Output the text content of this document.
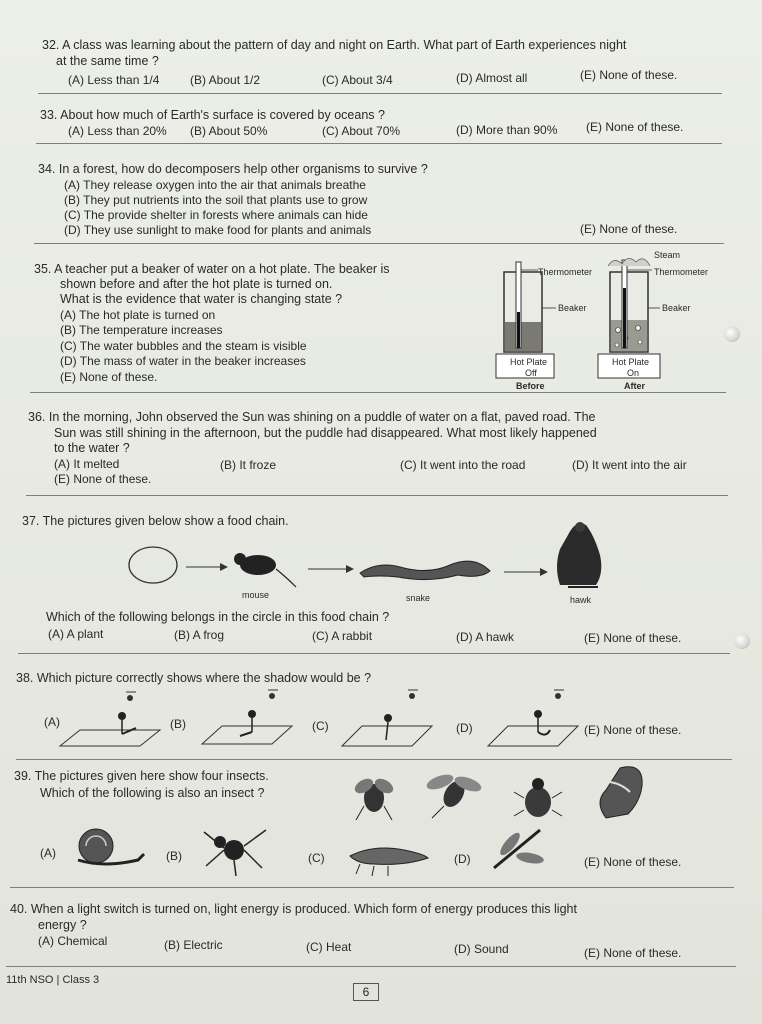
32. A class was learning about the pattern of day and night on Earth. What part of Earth experiences night
at the same time ?
(A) Less than 1/4	(B) About 1/2	(C) About 3/4	(D) Almost all	(E) None of these.
33. About how much of Earth's surface is covered by oceans ?
(A) Less than 20% (B) About 50%	(C) About 70%	(D) More than 90% (E) None of these.
34. In a forest, how do decomposers help other organisms to survive ?
(A) They release oxygen into the air that animals breathe
(B) They put nutrients into the soil that plants use to grow
(C) The provide shelter in forests where animals can hide
(D) They use sunlight to make food for plants and animals	(E) None of these.
35. A teacher put a beaker of water on a hot plate. The beaker is
shown before and after the hot plate is turned on.
What is the evidence that water is changing state ?
(A) The hot plate is turned on
(B) The temperature increases
(C) The water bubbles and the steam is visible
(D) The mass of water in the beaker increases
(E) None of these.
Steam
Thermometer	Thermometer
Beaker	Beaker
Hot Plate
Off
Hot Plate
On
Before	After
36. In the morning, John observed the Sun was shining on a puddle of water on a flat, paved road. The
Sun was still shining in the afternoon, but the puddle had disappeared. What most likely happened
to the water ?
(A) It melted	(B) It froze	(C) It went into the road	(D) It went into the air
(E) None of these.
37. The pictures given below show a food chain.
mouse	snake	hawk
Which of the following belongs in the circle in this food chain ?
(A) A plant	(B) A frog	(C) A rabbit	(D) A hawk	(E) None of these.
38. Which picture correctly shows where the shadow would be ?
(A)	(B)	(C)	(D)	(E) None of these.
39. The pictures given here show four insects.
Which of the following is also an insect ?
(A)	(B)	(C)	(D)	(E) None of these.
40. When a light switch is turned on, light energy is produced. Which form of energy produces this light
energy ?
(A) Chemical	(B) Electric	(C) Heat	(D) Sound	(E) None of these.
11th NSO | Class 3
6
